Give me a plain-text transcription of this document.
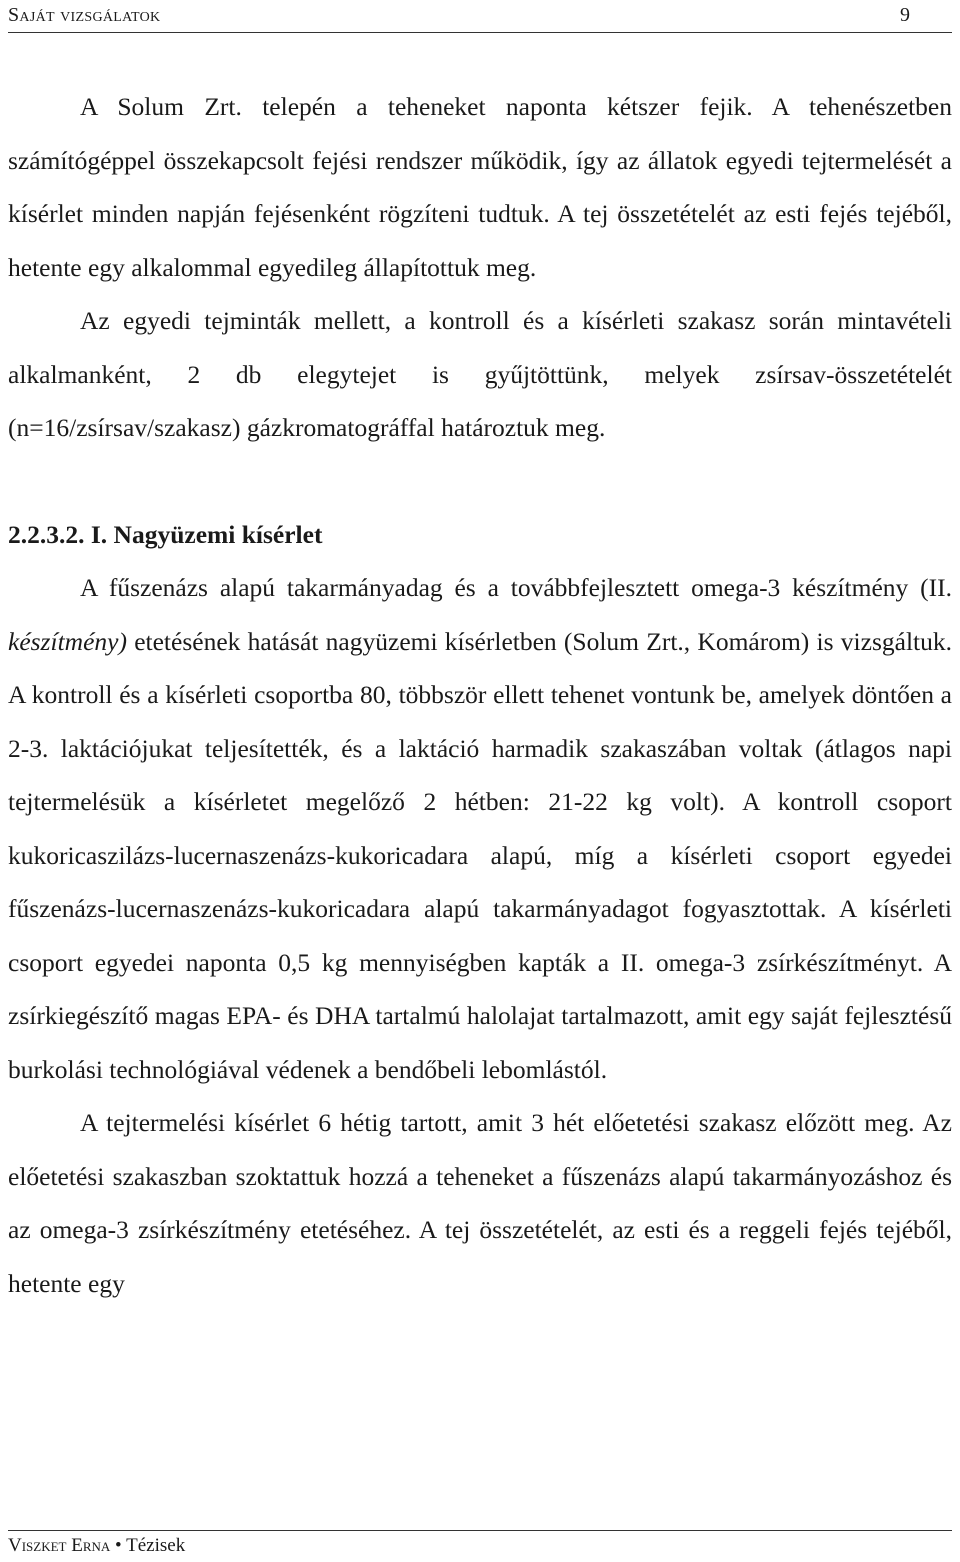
Saját vizsgálatok	9

A Solum Zrt. telepén a teheneket naponta kétszer fejik. A tehenészetben számítógéppel összekapcsolt fejési rendszer működik, így az állatok egyedi tejtermelését a kísérlet minden napján fejésenként rögzíteni tudtuk. A tej összetételét az esti fejés tejéből, hetente egy alkalommal egyedileg állapítottuk meg.

Az egyedi tejminták mellett, a kontroll és a kísérleti szakasz során mintavételi alkalmanként, 2 db elegytejet is gyűjtöttünk, melyek zsírsav-összetételét (n=16/zsírsav/szakasz) gázkromatográffal határoztuk meg.

2.2.3.2. I. Nagyüzemi kísérlet

A fűszenázs alapú takarmányadag és a továbbfejlesztett omega-3 készítmény (II. készítmény) etetésének hatását nagyüzemi kísérletben (Solum Zrt., Komárom) is vizsgáltuk. A kontroll és a kísérleti csoportba 80, többször ellett tehenet vontunk be, amelyek döntően a 2-3. laktációjukat teljesítették, és a laktáció harmadik szakaszában voltak (átlagos napi tejtermelésük a kísérletet megelőző 2 hétben: 21-22 kg volt). A kontroll csoport kukoricaszilázs-lucernaszenázs-kukoricadara alapú, míg a kísérleti csoport egyedei fűszenázs-lucernaszenázs-kukoricadara alapú takarmányadagot fogyasztottak. A kísérleti csoport egyedei naponta 0,5 kg mennyiségben kapták a II. omega-3 zsírkészítményt. A zsírkiegészítő magas EPA- és DHA tartalmú halolajat tartalmazott, amit egy saját fejlesztésű burkolási technológiával védenek a bendőbeli lebomlástól.

A tejtermelési kísérlet 6 hétig tartott, amit 3 hét előetetési szakasz előzött meg. Az előetetési szakaszban szoktattuk hozzá a teheneket a fűszenázs alapú takarmányozáshoz és az omega-3 zsírkészítmény etetéséhez. A tej összetételét, az esti és a reggeli fejés tejéből, hetente egy

Viszket Erna • Tézisek
